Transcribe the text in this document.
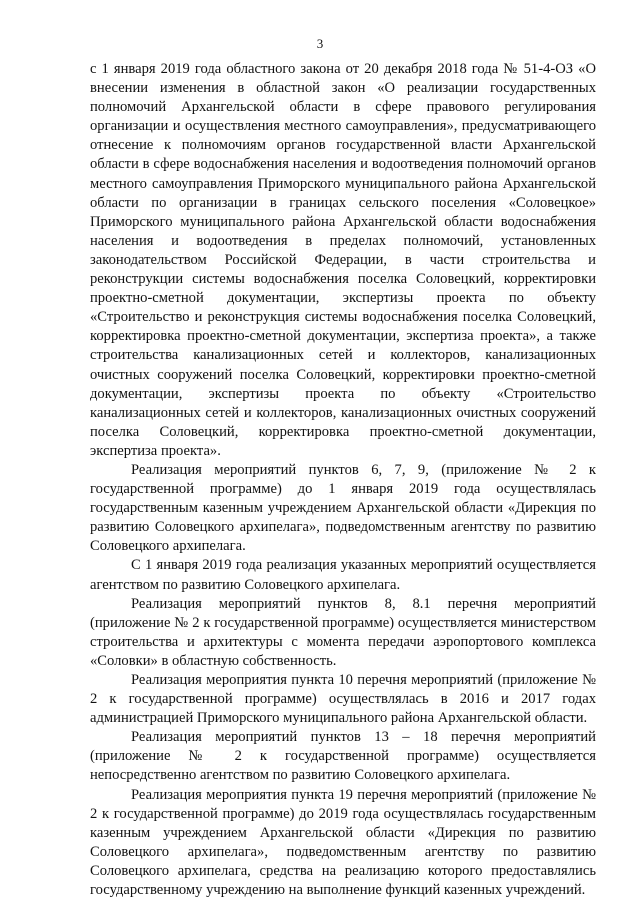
3

с 1 января 2019 года областного закона от 20 декабря 2018 года № 51-4-ОЗ «О внесении изменения в областной закон «О реализации государственных полномочий Архангельской области в сфере правового регулирования организации и осуществления местного самоуправления», предусматривающего отнесение к полномочиям органов государственной власти Архангельской области в сфере водоснабжения населения и водоотведения полномочий органов местного самоуправления Приморского муниципального района Архангельской области по организации в границах сельского поселения «Соловецкое» Приморского муниципального района Архангельской области водоснабжения населения и водоотведения в пределах полномочий, установленных законодательством Российской Федерации, в части строительства и реконструкции системы водоснабжения поселка Соловецкий, корректировки проектно-сметной документации, экспертизы проекта по объекту «Строительство и реконструкция системы водоснабжения поселка Соловецкий, корректировка проектно-сметной документации, экспертиза проекта», а также строительства канализационных сетей и коллекторов, канализационных очистных сооружений поселка Соловецкий, корректировки проектно-сметной документации, экспертизы проекта по объекту «Строительство канализационных сетей и коллекторов, канализационных очистных сооружений поселка Соловецкий, корректировка проектно-сметной документации, экспертиза проекта».

Реализация мероприятий пунктов 6, 7, 9, (приложение № 2 к государственной программе) до 1 января 2019 года осуществлялась государственным казенным учреждением Архангельской области «Дирекция по развитию Соловецкого архипелага», подведомственным агентству по развитию Соловецкого архипелага.

С 1 января 2019 года реализация указанных мероприятий осуществляется агентством по развитию Соловецкого архипелага.

Реализация мероприятий пунктов 8, 8.1 перечня мероприятий (приложение № 2 к государственной программе) осуществляется министерством строительства и архитектуры с момента передачи аэропортового комплекса «Соловки» в областную собственность.

Реализация мероприятия пункта 10 перечня мероприятий (приложение № 2 к государственной программе) осуществлялась в 2016 и 2017 годах администрацией Приморского муниципального района Архангельской области.

Реализация мероприятий пунктов 13 – 18 перечня мероприятий (приложение № 2 к государственной программе) осуществляется непосредственно агентством по развитию Соловецкого архипелага.

Реализация мероприятия пункта 19 перечня мероприятий (приложение № 2 к государственной программе) до 2019 года осуществлялась государственным казенным учреждением Архангельской области «Дирекция по развитию Соловецкого архипелага», подведомственным агентству по развитию Соловецкого архипелага, средства на реализацию которого предоставлялись государственному учреждению на выполнение функций казенных учреждений.
